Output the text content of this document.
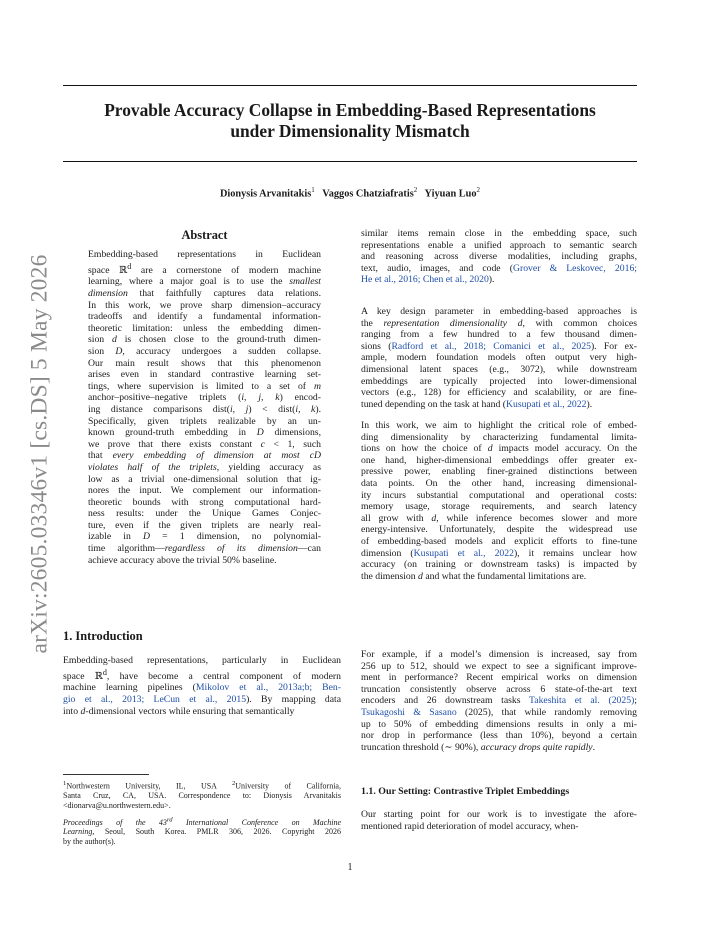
arXiv:2605.03346v1 [cs.DS] 5 May 2026
Provable Accuracy Collapse in Embedding-Based Representations
under Dimensionality Mismatch
Dionysis Arvanitakis$^1$ Vaggos Chatziafratis$^2$ Yiyuan Luo$^2$
Abstract
Embedding-based representations in Euclidean
space ℝ$^d$ are a cornerstone of modern machine
learning, where a major goal is to use the smallest
dimension that faithfully captures data relations.
In this work, we prove sharp dimension–accuracy
tradeoffs and identify a fundamental information-
theoretic limitation: unless the embedding dimen-
sion d is chosen close to the ground-truth dimen-
sion D, accuracy undergoes a sudden collapse.
Our main result shows that this phenomenon
arises even in standard contrastive learning set-
tings, where supervision is limited to a set of m
anchor–positive–negative triplets (i, j, k) encod-
ing distance comparisons dist(i, j) < dist(i, k).
Specifically, given triplets realizable by an un-
known ground-truth embedding in D dimensions,
we prove that there exists constant c < 1, such
that every embedding of dimension at most cD
violates half of the triplets, yielding accuracy as
low as a trivial one-dimensional solution that ig-
nores the input. We complement our information-
theoretic bounds with strong computational hard-
ness results: under the Unique Games Conjec-
ture, even if the given triplets are nearly real-
izable in D = 1 dimension, no polynomial-
time algorithm—regardless of its dimension—can
achieve accuracy above the trivial 50% baseline.
1. Introduction
Embedding-based representations, particularly in Euclidean
space ℝ$^d$, have become a central component of modern
machine learning pipelines (Mikolov et al., 2013a;b; Ben-
gio et al., 2013; LeCun et al., 2015). By mapping data
into d-dimensional vectors while ensuring that semantically
$^1$Northwestern University, IL, USA $^2$University of California,
Santa Cruz, CA, USA. Correspondence to: Dionysis Arvanitakis
<dionarva@u.northwestern.edu>.
Proceedings of the 43rd International Conference on Machine
Learning, Seoul, South Korea. PMLR 306, 2026. Copyright 2026
by the author(s).
similar items remain close in the embedding space, such
representations enable a unified approach to semantic search
and reasoning across diverse modalities, including graphs,
text, audio, images, and code (Grover & Leskovec, 2016;
He et al., 2016; Chen et al., 2020).
A key design parameter in embedding-based approaches is
the representation dimensionality d, with common choices
ranging from a few hundred to a few thousand dimen-
sions (Radford et al., 2018; Comanici et al., 2025). For ex-
ample, modern foundation models often output very high-
dimensional latent spaces (e.g., 3072), while downstream
embeddings are typically projected into lower-dimensional
vectors (e.g., 128) for efficiency and scalability, or are fine-
tuned depending on the task at hand (Kusupati et al., 2022).
In this work, we aim to highlight the critical role of embed-
ding dimensionality by characterizing fundamental limita-
tions on how the choice of d impacts model accuracy. On the
one hand, higher-dimensional embeddings offer greater ex-
pressive power, enabling finer-grained distinctions between
data points. On the other hand, increasing dimensional-
ity incurs substantial computational and operational costs:
memory usage, storage requirements, and search latency
all grow with d, while inference becomes slower and more
energy-intensive. Unfortunately, despite the widespread use
of embedding-based models and explicit efforts to fine-tune
dimension (Kusupati et al., 2022), it remains unclear how
accuracy (on training or downstream tasks) is impacted by
the dimension d and what the fundamental limitations are.
For example, if a model’s dimension is increased, say from
256 up to 512, should we expect to see a significant improve-
ment in performance? Recent empirical works on dimension
truncation consistently observe across 6 state-of-the-art text
encoders and 26 downstream tasks Takeshita et al. (2025);
Tsukagoshi & Sasano (2025), that while randomly removing
up to 50% of embedding dimensions results in only a mi-
nor drop in performance (less than 10%), beyond a certain
truncation threshold (∼ 90%), accuracy drops quite rapidly.
1.1. Our Setting: Contrastive Triplet Embeddings
Our starting point for our work is to investigate the afore-
mentioned rapid deterioration of model accuracy, when-
1
